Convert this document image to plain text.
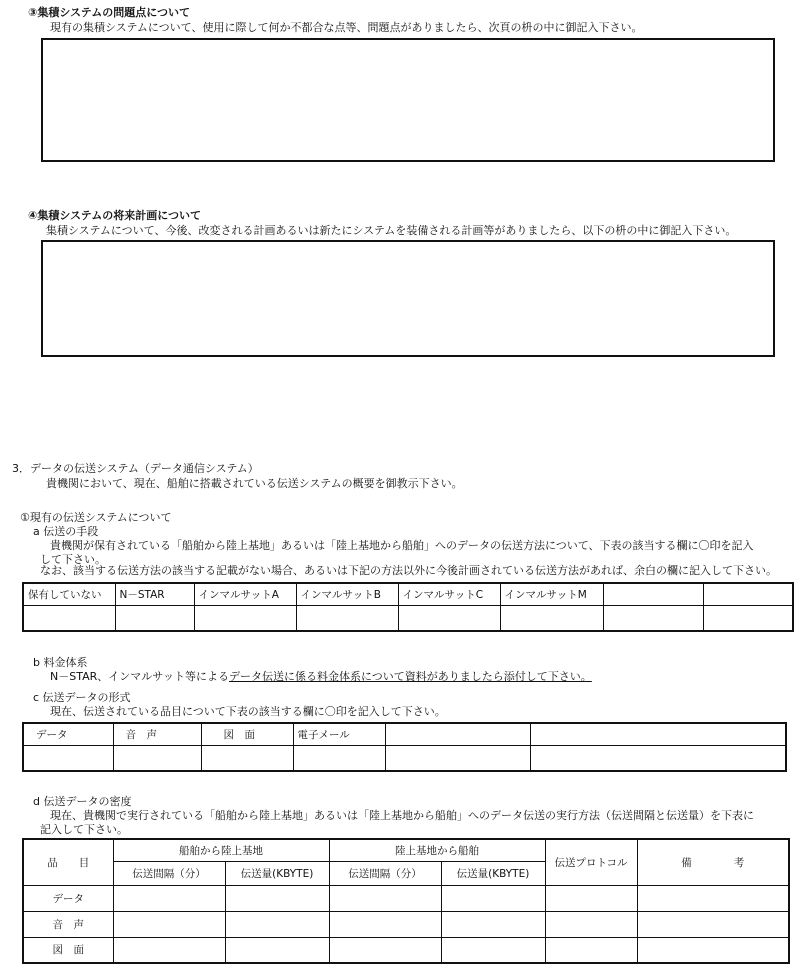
③集積システムの問題点について
現有の集積システムについて、使用に際して何か不都合な点等、問題点がありましたら、次頁の枡の中に御記入下さい。
④集積システムの将来計画について
集積システムについて、今後、改変される計画あるいは新たにシステムを装備される計画等がありましたら、以下の枡の中に御記入下さい。
3．データの伝送システム（データ通信システム）
貴機関において、現在、船舶に搭載されている伝送システムの概要を御教示下さい。
①現有の伝送システムについて
a 伝送の手段
貴機関が保有されている「船舶から陸上基地」あるいは「陸上基地から船舶」へのデータの伝送方法について、下表の該当する欄に〇印を記入
して下さい。
なお、該当する伝送方法の該当する記載がない場合、あるいは下記の方法以外に今後計画されている伝送方法があれば、余白の欄に記入して下さい。
保有していない	N－STAR	インマルサットA	インマルサットB	インマルサットC	インマルサットM		

b 料金体系
N－STAR、インマルサット等によるデータ伝送に係る料金体系について資料がありましたら添付して下さい。
c 伝送データの形式
現在、伝送されている品目について下表の該当する欄に〇印を記入して下さい。
データ	音　声	図　面	電子メール		

d 伝送データの密度
現在、貴機関で実行されている「船舶から陸上基地」あるいは「陸上基地から船舶」へのデータ伝送の実行方法（伝送間隔と伝送量）を下表に
記入して下さい。
品　　目	船舶から陸上基地		陸上基地から船舶		伝送プロトコル	備　　　　考
	伝送間隔（分）	伝送量(KBYTE)	伝送間隔（分）	伝送量(KBYTE)		
データ						
音　声						
図　面						
